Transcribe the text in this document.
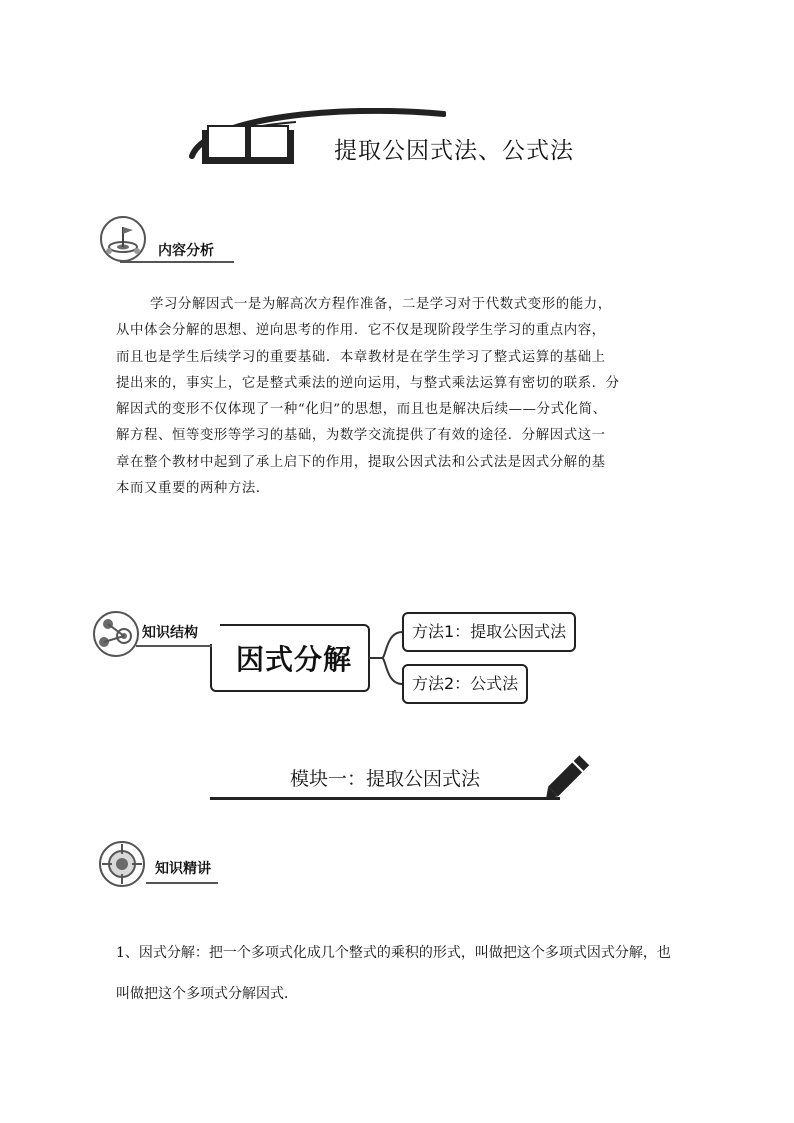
提取公因式法、公式法
内容分析
学习分解因式一是为解高次方程作准备，二是学习对于代数式变形的能力，
从中体会分解的思想、逆向思考的作用．它不仅是现阶段学生学习的重点内容，
而且也是学生后续学习的重要基础．本章教材是在学生学习了整式运算的基础上
提出来的，事实上，它是整式乘法的逆向运用，与整式乘法运算有密切的联系．分
解因式的变形不仅体现了一种“化归”的思想，而且也是解决后续——分式化简、
解方程、恒等变形等学习的基础，为数学交流提供了有效的途径．分解因式这一
章在整个教材中起到了承上启下的作用，提取公因式法和公式法是因式分解的基
本而又重要的两种方法．
因式分解
知识结构	方法1：提取公因式法
方法2：公式法
模块一：提取公因式法
知识精讲
1、因式分解：把一个多项式化成几个整式的乘积的形式，叫做把这个多项式因式分解，也
叫做把这个多项式分解因式．
